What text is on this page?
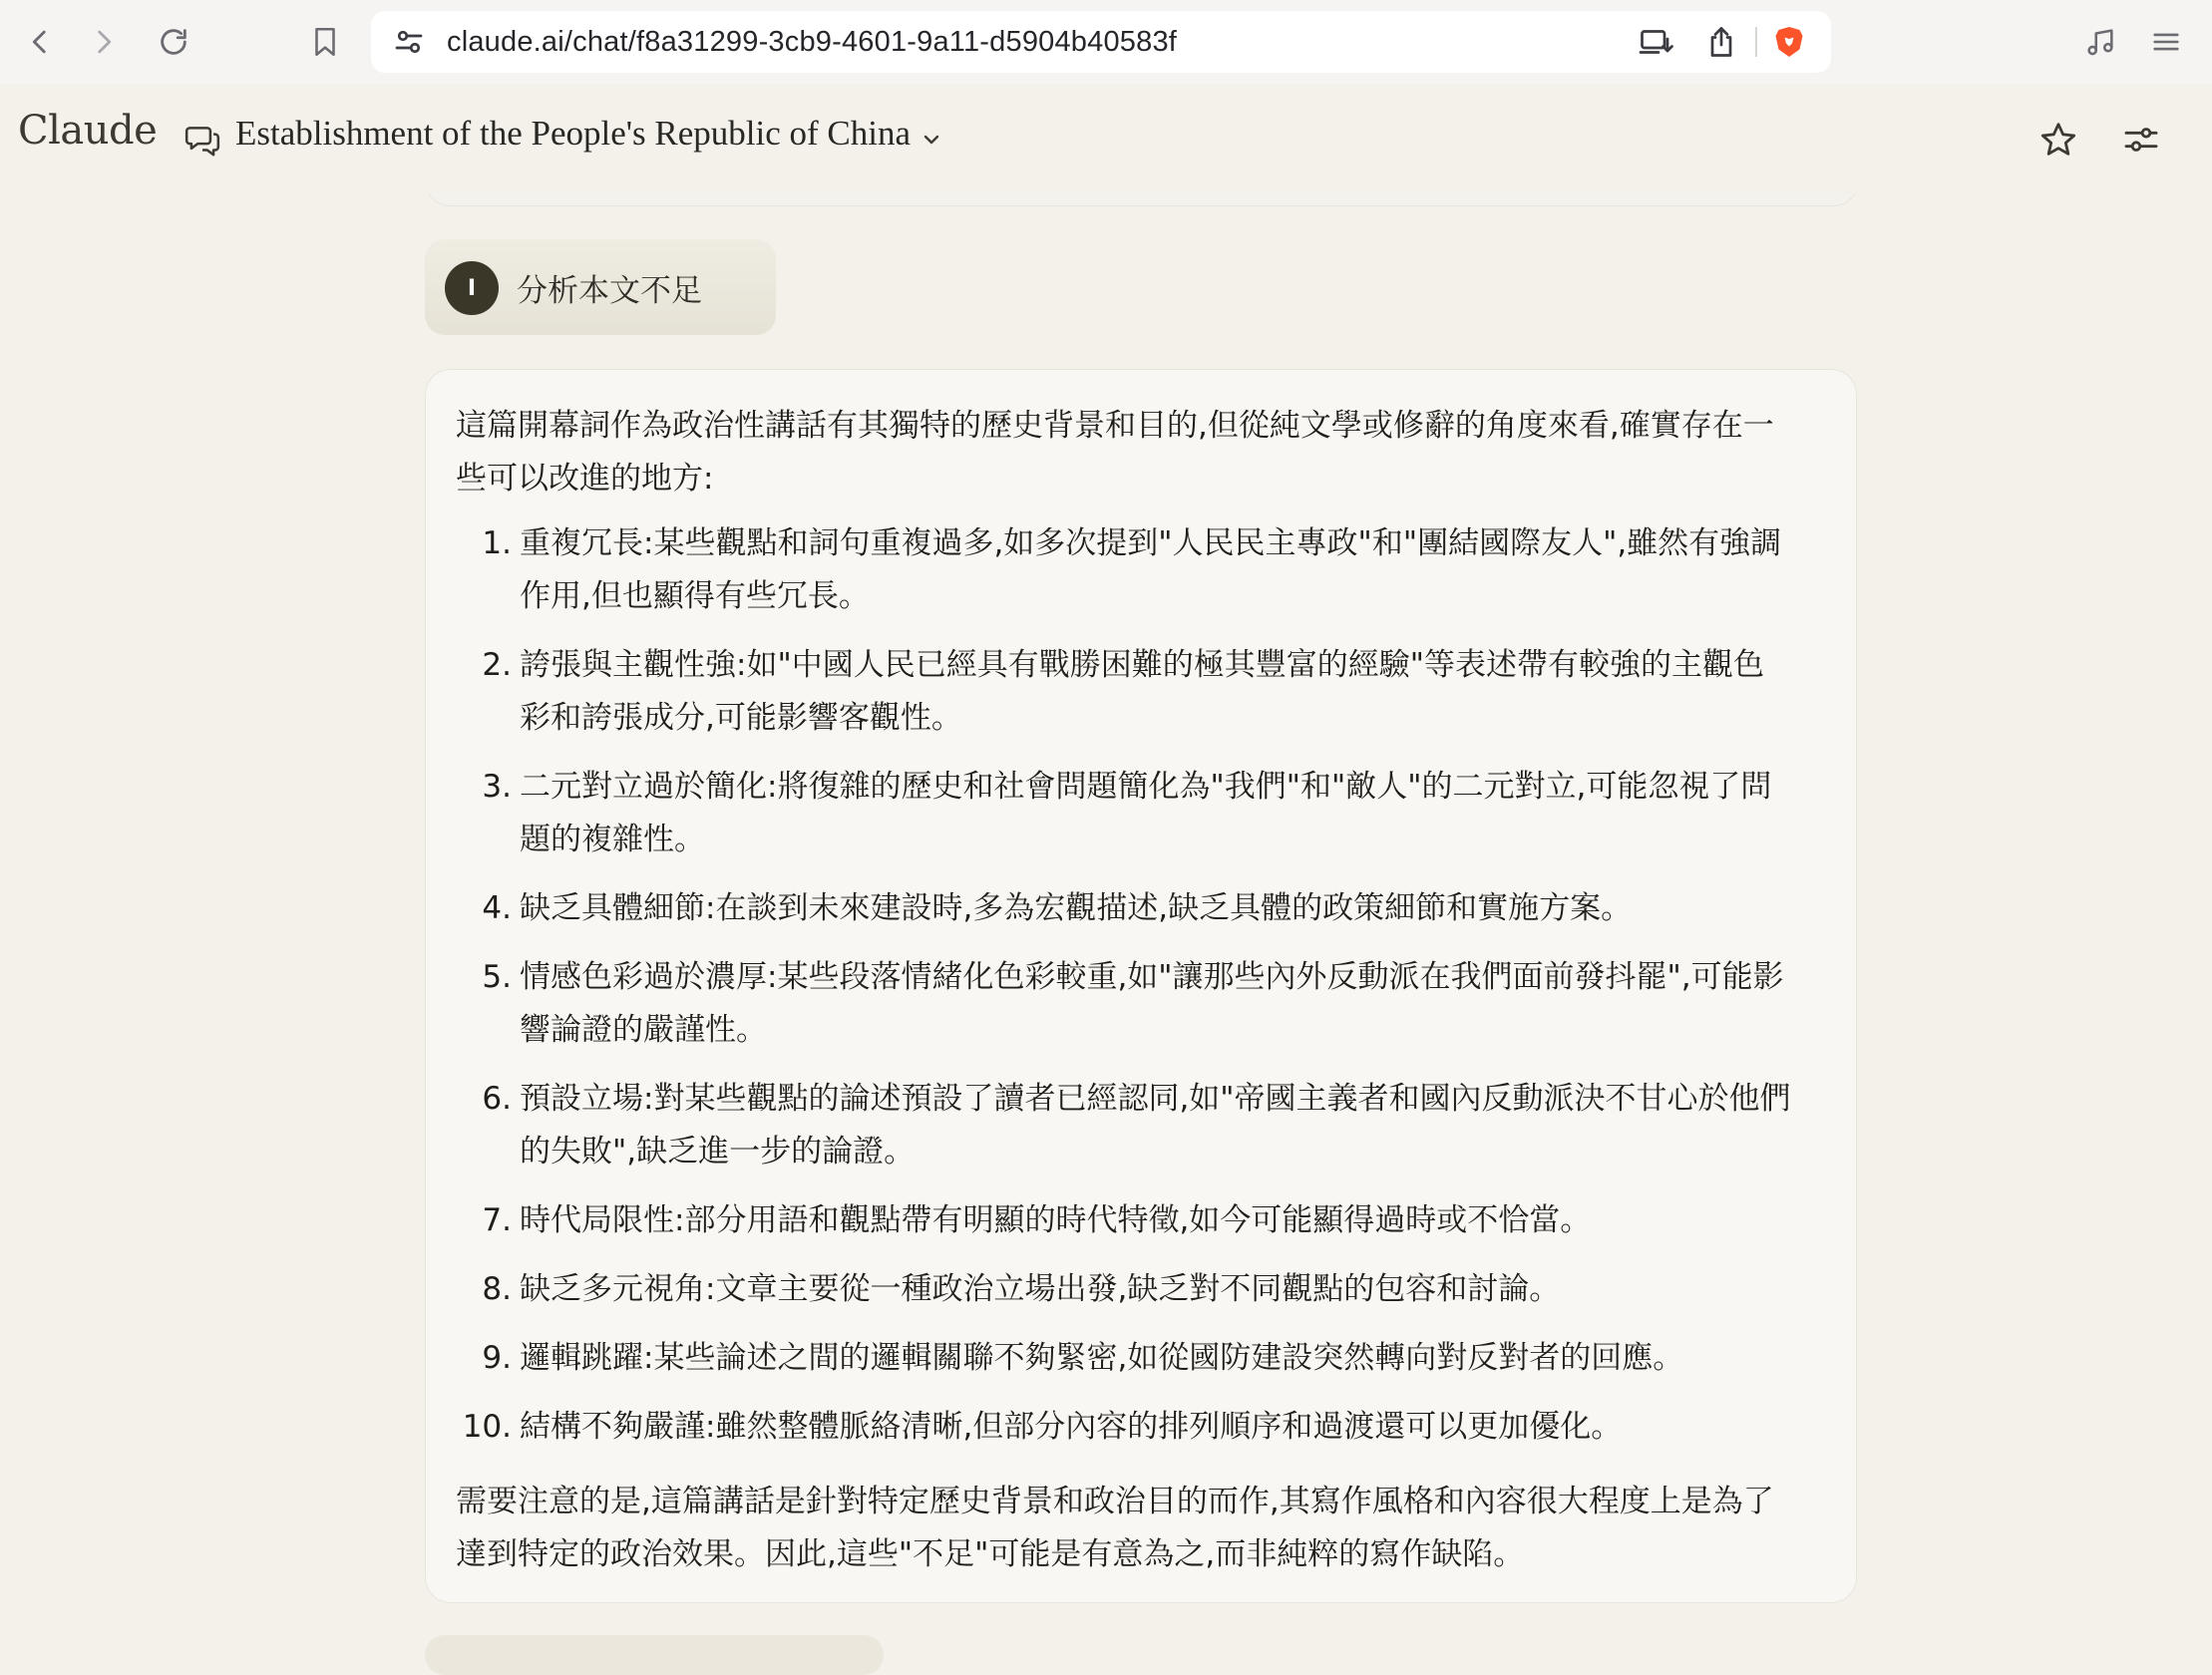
claude.ai/chat/f8a31299-3cb9-4601-9a11-d5904b40583f
Claude Establishment of the People's Republic of China
I	分析本文不足

這篇開幕詞作為政治性講話有其獨特的歷史背景和目的,但從純文學或修辭的角度來看,確實存在一些可以改進的地方:

1. 重複冗長:某些觀點和詞句重複過多,如多次提到"人民民主專政"和"團結國際友人",雖然有強調作用,但也顯得有些冗長。
2. 誇張與主觀性強:如"中國人民已經具有戰勝困難的極其豐富的經驗"等表述帶有較強的主觀色彩和誇張成分,可能影響客觀性。
3. 二元對立過於簡化:將復雜的歷史和社會問題簡化為"我們"和"敵人"的二元對立,可能忽視了問題的複雜性。
4. 缺乏具體細節:在談到未來建設時,多為宏觀描述,缺乏具體的政策細節和實施方案。
5. 情感色彩過於濃厚:某些段落情緒化色彩較重,如"讓那些內外反動派在我們面前發抖罷",可能影響論證的嚴謹性。
6. 預設立場:對某些觀點的論述預設了讀者已經認同,如"帝國主義者和國內反動派決不甘心於他們的失敗",缺乏進一步的論證。
7. 時代局限性:部分用語和觀點帶有明顯的時代特徵,如今可能顯得過時或不恰當。
8. 缺乏多元視角:文章主要從一種政治立場出發,缺乏對不同觀點的包容和討論。
9. 邏輯跳躍:某些論述之間的邏輯關聯不夠緊密,如從國防建設突然轉向對反對者的回應。
10. 結構不夠嚴謹:雖然整體脈絡清晰,但部分內容的排列順序和過渡還可以更加優化。

需要注意的是,這篇講話是針對特定歷史背景和政治目的而作,其寫作風格和內容很大程度上是為了達到特定的政治效果。因此,這些"不足"可能是有意為之,而非純粹的寫作缺陷。
